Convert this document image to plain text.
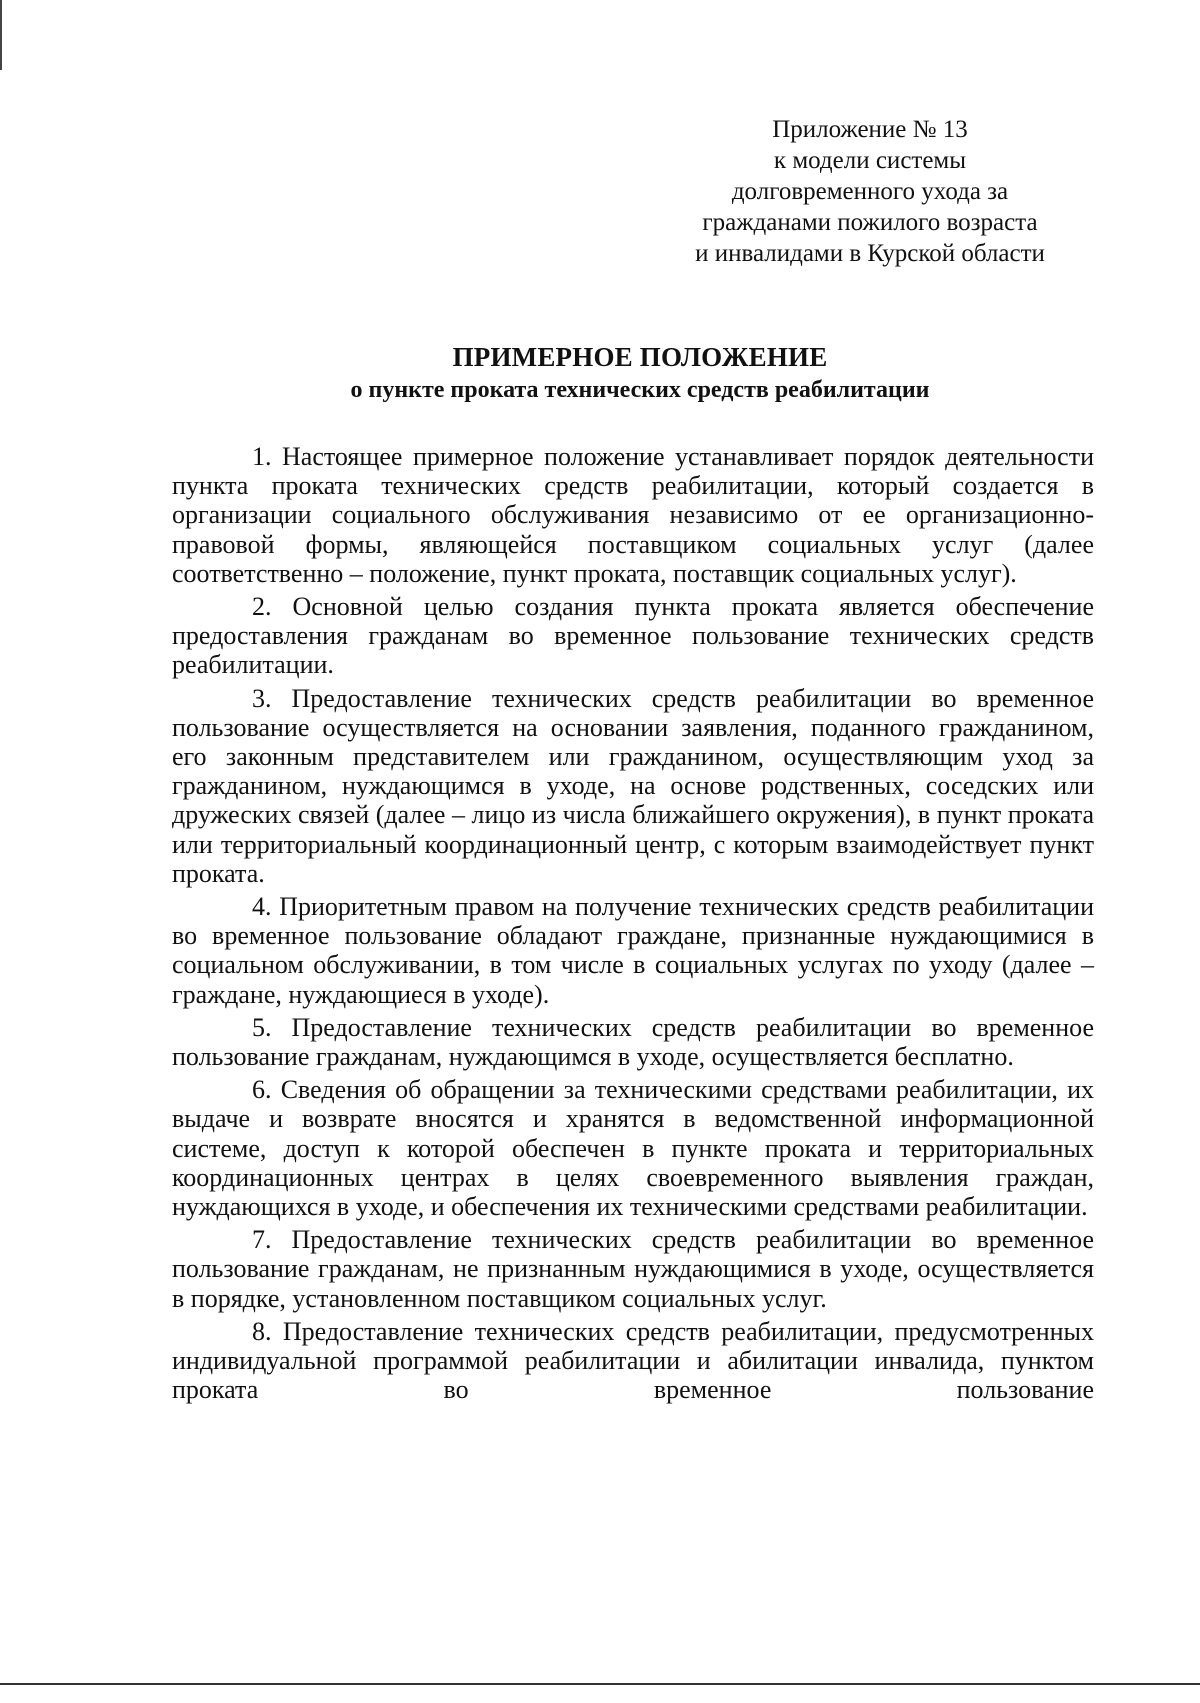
Приложение № 13
к модели системы
долговременного ухода за
гражданами пожилого возраста
и инвалидами в Курской области
ПРИМЕРНОЕ ПОЛОЖЕНИЕ
о пункте проката технических средств реабилитации

1. Настоящее примерное положение устанавливает порядок деятельности пункта проката технических средств реабилитации, который создается в организации социального обслуживания независимо от ее организационно-правовой формы, являющейся поставщиком социальных услуг (далее соответственно – положение, пункт проката, поставщик социальных услуг).

2. Основной целью создания пункта проката является обеспечение предоставления гражданам во временное пользование технических средств реабилитации.

3. Предоставление технических средств реабилитации во временное пользование осуществляется на основании заявления, поданного гражданином, его законным представителем или гражданином, осуществляющим уход за гражданином, нуждающимся в уходе, на основе родственных, соседских или дружеских связей (далее – лицо из числа ближайшего окружения), в пункт проката или территориальный координационный центр, с которым взаимодействует пункт проката.

4. Приоритетным правом на получение технических средств реабилитации во временное пользование обладают граждане, признанные нуждающимися в социальном обслуживании, в том числе в социальных услугах по уходу (далее – граждане, нуждающиеся в уходе).

5. Предоставление технических средств реабилитации во временное пользование гражданам, нуждающимся в уходе, осуществляется бесплатно.

6. Сведения об обращении за техническими средствами реабилитации, их выдаче и возврате вносятся и хранятся в ведомственной информационной системе, доступ к которой обеспечен в пункте проката и территориальных координационных центрах в целях своевременного выявления граждан, нуждающихся в уходе, и обеспечения их техническими средствами реабилитации.

7. Предоставление технических средств реабилитации во временное пользование гражданам, не признанным нуждающимися в уходе, осуществляется в порядке, установленном поставщиком социальных услуг.

8. Предоставление технических средств реабилитации, предусмотренных индивидуальной программой реабилитации и абилитации инвалида, пунктом проката во временное пользование
